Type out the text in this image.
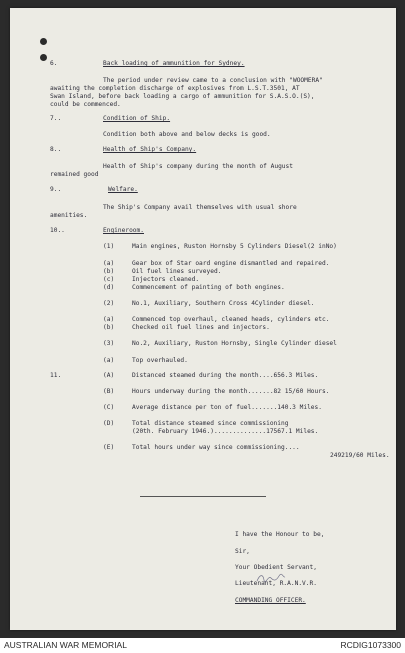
6.	Back loading of ammunition for Sydney.
The period under review came to a conclusion with "WOOMERA"
awaiting the completion discharge of explosives from L.S.T.3501, AT
Swan Island, before back loading a cargo of ammunition for S.A.S.O.(S),
could be commenced.
7..	Condition of Ship.
Condition both above and below decks is good.
8..	Health of Ship's Company.
Health of Ship's company during the month of August
remained good
9..	Welfare.
The Ship's Company avail themselves with usual shore
amenities.
10..	Engineroom.
(1)	Main engines, Ruston Hornsby 5 Cylinders Diesel(2 inNo)
(a)	Gear box of Star oard engine dismantled and repaired.
(b)	Oil fuel lines surveyed.
(c)	Injectors cleaned.
(d)	Commencement of painting of both engines.
(2)	No.1, Auxiliary, Southern Cross 4Cylinder diesel.
(a)	Commenced top overhaul, cleaned heads, cylinders etc.
(b)	Checked oil fuel lines and injectors.
(3)	No.2, Auxiliary, Ruston Hornsby, Single Cylinder diesel
(a)	Top overhauled.
11.	(A)	Distanced steamed during the month....656.3 Miles.
(B)	Hours underway during the month.......82 15/60 Hours.
(C)	Average distance per ton of fuel.......140.3 Miles.
(D)	Total distance steamed since commissioning
(20th. February 1946.)..............17567.1 Miles.
(E)	Total hours under way since commissioning....
249219/60 Miles.
I have the Honour to be,
Sir,
Your Obedient Servant,
Lieutenant, R.A.N.V.R.
COMMANDING OFFICER.
AUSTRALIAN WAR MEMORIAL	RCDIG1073300
